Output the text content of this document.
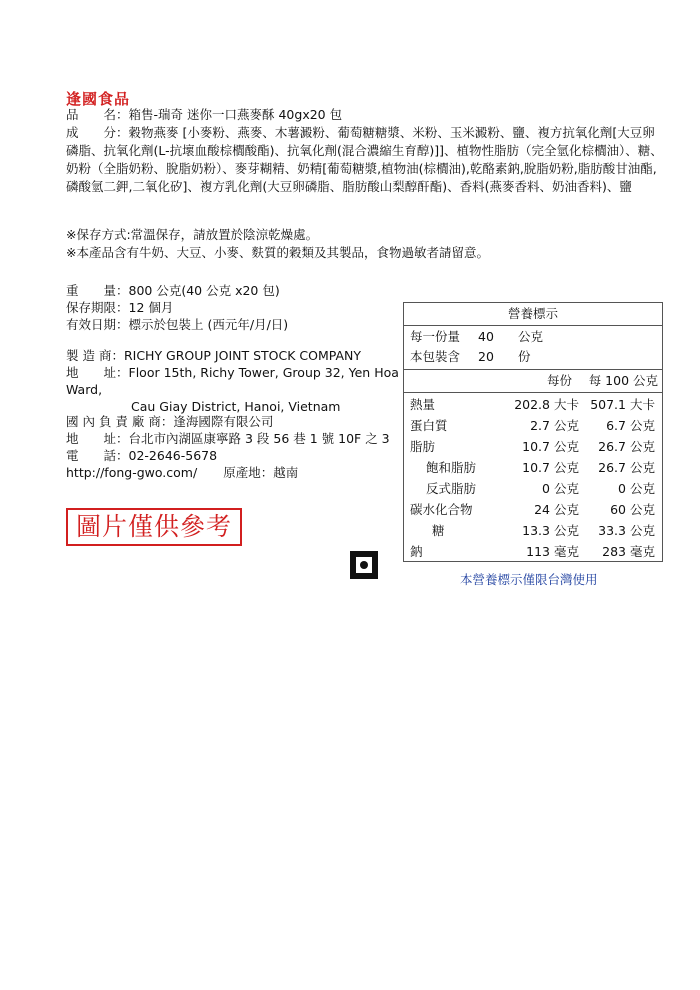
逢國食品
品　　名：箱售-瑞奇 迷你一口燕麥酥 40gx20 包
成　　分：穀物燕麥 [小麥粉、燕麥、木薯澱粉、葡萄糖糖漿、米粉、玉米澱粉、鹽、複方抗氧化劑[大豆卵磷脂、抗氧化劑(L-抗壞血酸棕櫚酸酯)、抗氧化劑(混合濃縮生育醇)]]、植物性脂肪（完全氫化棕櫚油）、糖、奶粉（全脂奶粉、脫脂奶粉）、麥芽糊精、奶精[葡萄糖漿,植物油(棕櫚油),乾酪素鈉,脫脂奶粉,脂肪酸甘油酯,磷酸氫二鉀,二氧化矽]、複方乳化劑(大豆卵磷脂、脂肪酸山梨醇酐酯)、香料(燕麥香料、奶油香料)、鹽
※保存方式:常溫保存，請放置於陰涼乾燥處。
※本產品含有牛奶、大豆、小麥、麩質的穀類及其製品，食物過敏者請留意。
重　　量：800 公克(40 公克 x20 包)
保存期限：12 個月
有效日期：標示於包裝上 (西元年/月/日)
製 造 商：RICHY GROUP JOINT STOCK COMPANY
地　　址：Floor 15th, Richy Tower, Group 32, Yen Hoa
Ward,
Cau Giay District, Hanoi, Vietnam
國 內 負 責 廠 商：逢海國際有限公司
地　　址：台北市內湖區康寧路 3 段 56 巷 1 號 10F 之 3
電　　話：02-2646-5678
http://fong-gwo.com/ 原產地：越南
圖片僅供參考
營養標示
每一份量 40 公克
本包裝含 20 份
每份	每 100 公克
熱量	202.8 大卡 507.1 大卡
蛋白質	2.7 公克	6.7 公克
脂肪	10.7 公克	26.7 公克
飽和脂肪	10.7 公克	26.7 公克
反式脂肪	0 公克	0 公克
碳水化合物	24 公克	60 公克
糖	13.3 公克	33.3 公克
鈉	113 毫克	283 毫克
本營養標示僅限台灣使用
